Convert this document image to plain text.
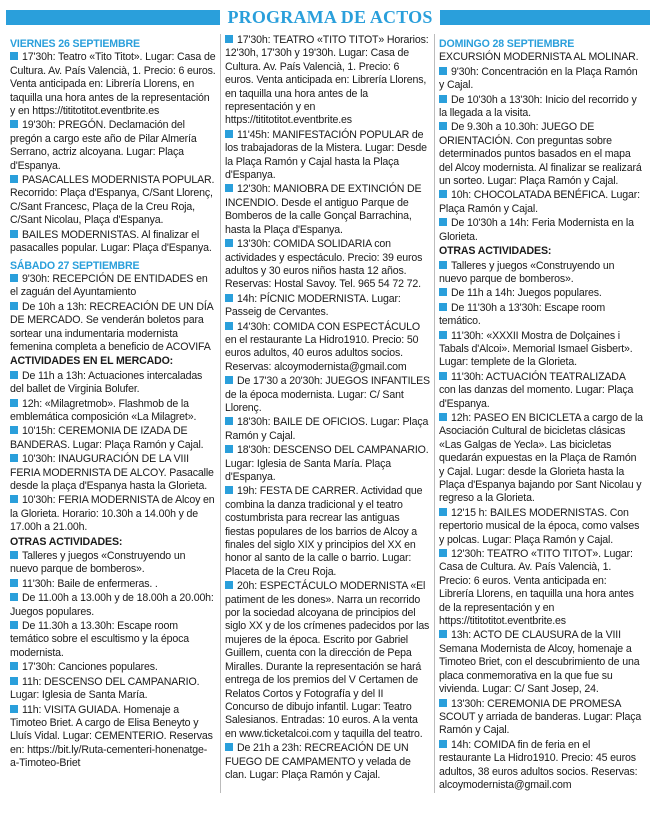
PROGRAMA DE ACTOS
VIERNES 26 SEPTIEMBRE
17'30h: Teatro «Tito Titot». Lugar: Casa de Cultura. Av. País Valencià, 1. Precio: 6 euros. Venta anticipada en: Librería Llorens, en taquilla una hora antes de la representación y en https://tititotitot.eventbrite.es
19'30h: PREGÓN. Declamación del pregón a cargo este año de Pilar Almería Serrano, actriz alcoyana. Lugar: Plaça d'Espanya.
PASACALLES MODERNISTA POPULAR. Recorrido: Plaça d'Espanya, C/Sant Llorenç, C/Sant Francesc, Plaça de la Creu Roja, C/Sant Nicolau, Plaça d'Espanya.
BAILES MODERNISTAS. Al finalizar el pasacalles popular. Lugar: Plaça d'Espanya.
SÁBADO 27 SEPTIEMBRE
9'30h: RECEPCIÓN DE ENTIDADES en el zaguán del Ayuntamiento
De 10h a 13h: RECREACIÓN DE UN DÍA DE MERCADO. Se venderán boletos para sortear una indumentaria modernista femenina completa a beneficio de ACOVIFA
ACTIVIDADES EN EL MERCADO:
De 11h a 13h: Actuaciones intercaladas del ballet de Virginia Bolufer.
12h: «Milagretmob». Flashmob de la emblemática composición «La Milagret».
10'15h: CEREMONIA DE IZADA DE BANDERAS. Lugar: Plaça Ramón y Cajal.
10'30h: INAUGURACIÓN DE LA VIII FERIA MODERNISTA DE ALCOY. Pasacalle desde la plaça d'Espanya hasta la Glorieta.
10'30h: FERIA MODERNISTA de Alcoy en la Glorieta. Horario: 10.30h a 14.00h y de 17.00h a 21.00h.
OTRAS ACTIVIDADES:
Talleres y juegos «Construyendo un nuevo parque de bomberos».
11'30h: Baile de enfermeras. .
De 11.00h a 13.00h y de 18.00h a 20.00h: Juegos populares.
De 11.30h a 13.30h: Escape room temático sobre el escultismo y la época modernista.
17'30h: Canciones populares.
11h: DESCENSO DEL CAMPANARIO. Lugar: Iglesia de Santa María.
11h: VISITA GUIADA. Homenaje a Timoteo Briet. A cargo de Elisa Beneyto y Lluís Vidal. Lugar: CEMENTERIO. Reservas en: https://bit.ly/Ruta-cementeri-honenatge-a-Timoteo-Briet
17'30h: TEATRO «TITO TITOT» Horarios: 12'30h, 17'30h y 19'30h. Lugar: Casa de Cultura. Av. País Valencià, 1. Precio: 6 euros. Venta anticipada en: Librería Llorens, en taquilla una hora antes de la representación y en https://tititotitot.eventbrite.es
11'45h: MANIFESTACIÓN POPULAR de los trabajadoras de la Mistera. Lugar: Desde la Plaça Ramón y Cajal hasta la Plaça d'Espanya.
12'30h: MANIOBRA DE EXTINCIÓN DE INCENDIO. Desde el antiguo Parque de Bomberos de la calle Gonçal Barrachina, hasta la Plaça d'Espanya.
13'30h: COMIDA SOLIDARIA con actividades y espectáculo. Precio: 39 euros adultos y 30 euros niños hasta 12 años. Reservas: Hostal Savoy. Tel. 965 54 72 72.
14h: PÍCNIC MODERNISTA. Lugar: Passeig de Cervantes.
14'30h: COMIDA CON ESPECTÁCULO en el restaurante La Hidro1910. Precio: 50 euros adultos, 40 euros adultos socios. Reservas: alcoymodernista@gmail.com
De 17'30 a 20'30h: JUEGOS INFANTILES de la época modernista. Lugar: C/ Sant Llorenç.
18'30h: BAILE DE OFICIOS. Lugar: Plaça Ramón y Cajal.
18'30h: DESCENSO DEL CAMPANARIO. Lugar: Iglesia de Santa María. Plaça d'Espanya.
19h: FESTA DE CARRER. Actividad que combina la danza tradicional y el teatro costumbrista para recrear las antiguas fiestas populares de los barrios de Alcoy a finales del siglo XIX y principios del XX en honor al santo de la calle o barrio. Lugar: Placeta de la Creu Roja.
20h: ESPECTÁCULO MODERNISTA «El patiment de les dones». Narra un recorrido por la sociedad alcoyana de principios del siglo XX y de los crímenes padecidos por las mujeres de la época. Escrito por Gabriel Guillem, cuenta con la dirección de Pepa Miralles. Durante la representación se hará entrega de los premios del V Certamen de Relatos Cortos y Fotografía y del II Concurso de dibujo infantil. Lugar: Teatro Salesianos. Entradas: 10 euros. A la venta en www.ticketalcoi.com y taquilla del teatro.
De 21h a 23h: RECREACIÓN DE UN FUEGO DE CAMPAMENTO y velada de clan. Lugar: Plaça Ramón y Cajal.
DOMINGO 28 SEPTIEMBRE
EXCURSIÓN MODERNISTA AL MOLINAR.
9'30h: Concentración en la Plaça Ramón y Cajal.
De 10'30h a 13'30h: Inicio del recorrido y la llegada a la visita.
De 9.30h a 10.30h: JUEGO DE ORIENTACIÓN. Con preguntas sobre determinados puntos basados en el mapa del Alcoy modernista. Al finalizar se realizará un sorteo. Lugar: Plaça Ramón y Cajal.
10h: CHOCOLATADA BENÉFICA. Lugar: Plaça Ramón y Cajal.
De 10'30h a 14h: Feria Modernista en la Glorieta.
OTRAS ACTIVIDADES:
Talleres y juegos «Construyendo un nuevo parque de bomberos».
De 11h a 14h: Juegos populares.
De 11'30h a 13'30h: Escape room temático.
11'30h: «XXXII Mostra de Dolçaines i Tabals d'Alcoi». Memorial Ismael Gisbert». Lugar: templete de la Glorieta.
11'30h: ACTUACIÓN TEATRALIZADA con las danzas del momento. Lugar: Plaça d'Espanya.
12h: PASEO EN BICICLETA a cargo de la Asociación Cultural de bicicletas clásicas «Las Galgas de Yecla». Las bicicletas quedarán expuestas en la Plaça de Ramón y Cajal. Lugar: desde la Glorieta hasta la Plaça d'Espanya bajando por Sant Nicolau y regreso a la Glorieta.
12'15 h: BAILES MODERNISTAS. Con repertorio musical de la época, como valses y polcas. Lugar: Plaça Ramón y Cajal.
12'30h: TEATRO «TITO TITOT». Lugar: Casa de Cultura. Av. País Valencià, 1. Precio: 6 euros. Venta anticipada en: Librería Llorens, en taquilla una hora antes de la representación y en https://tititotitot.eventbrite.es
13h: ACTO DE CLAUSURA de la VIII Semana Modernista de Alcoy, homenaje a Timoteo Briet, con el descubrimiento de una placa conmemorativa en la que fue su vivienda. Lugar: C/ Sant Josep, 24.
13'30h: CEREMONIA DE PROMESA SCOUT y arriada de banderas. Lugar: Plaça Ramón y Cajal.
14h: COMIDA fin de feria en el restaurante La Hidro1910. Precio: 45 euros adultos, 38 euros adultos socios. Reservas: alcoymodernista@gmail.com
